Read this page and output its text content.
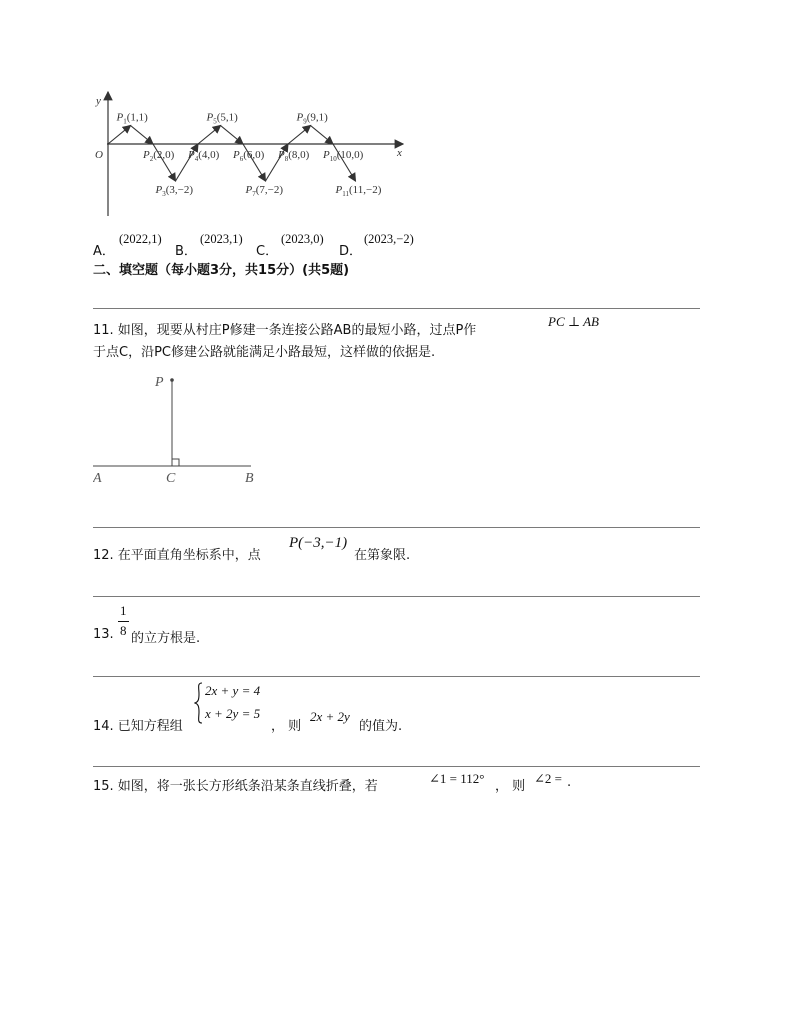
y
x
O
$P_1(1,1)$
$P_2(2,0)$
$P_3(3,-2)$
$P_4(4,0)$
$P_5(5,1)$
$P_6(6,0)$
$P_7(7,-2)$
$P_8(8,0)$
$P_9(9,1)$
$P_{10}(10,0)$
$P_{11}(11,-2)$
A．
(2022,1)
B．
(2023,1)
C．
(2023,0)
D．
(2023,−2)
二、填空题（每小题3分，共15分）(共5题)
11. 如图，现要从村庄P修建一条连接公路AB的最短小路，过点P作
PC ⊥ AB
于点C，沿PC修建公路就能满足小路最短，这样做的依据是.
P
A	C	B
12. 在平面直角坐标系中，点
P(−3,−1)
在第象限.
13.
1
8
的立方根是.
14. 已知方程组
2x + y = 4
x + 2y = 5
， 则
2x + 2y
的值为.
15. 如图，将一张长方形纸条沿某条直线折叠，若
∠1 = 112°
， 则
∠2 = .
